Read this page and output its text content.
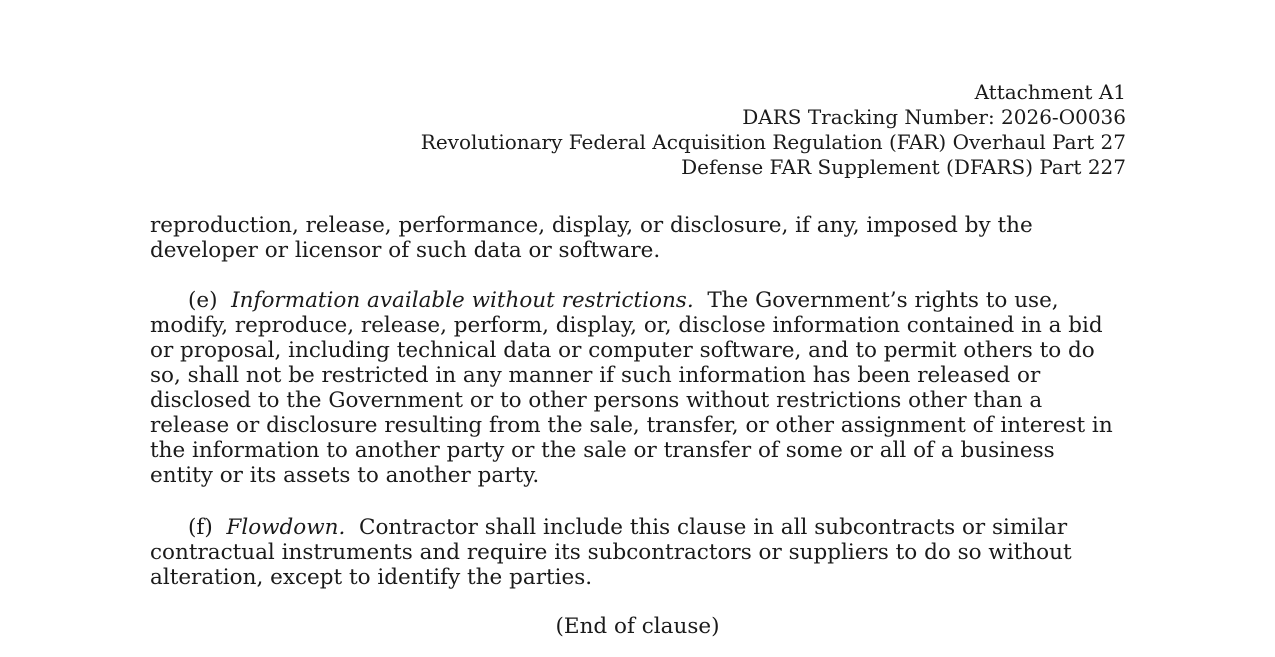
Attachment A1
DARS Tracking Number: 2026-O0036
Revolutionary Federal Acquisition Regulation (FAR) Overhaul Part 27
Defense FAR Supplement (DFARS) Part 227

reproduction, release, performance, display, or disclosure, if any, imposed by the developer or licensor of such data or software.

(e) Information available without restrictions. The Government’s rights to use, modify, reproduce, release, perform, display, or, disclose information contained in a bid or proposal, including technical data or computer software, and to permit others to do so, shall not be restricted in any manner if such information has been released or disclosed to the Government or to other persons without restrictions other than a release or disclosure resulting from the sale, transfer, or other assignment of interest in the information to another party or the sale or transfer of some or all of a business entity or its assets to another party.

(f) Flowdown. Contractor shall include this clause in all subcontracts or similar contractual instruments and require its subcontractors or suppliers to do so without alteration, except to identify the parties.

(End of clause)
